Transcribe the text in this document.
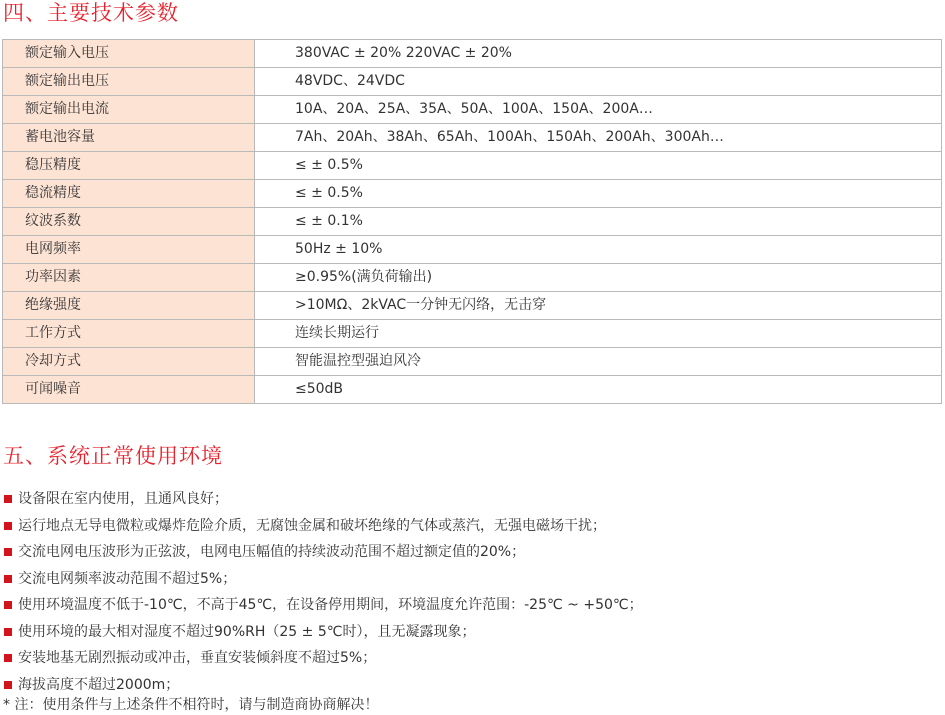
四、主要技术参数
额定输入电压	380VAC ± 20% 220VAC ± 20%
额定输出电压	48VDC、24VDC
额定输出电流	10A、20A、25A、35A、50A、100A、150A、200A…
蓄电池容量	7Ah、20Ah、38Ah、65Ah、100Ah、150Ah、200Ah、300Ah…
稳压精度	≤ ± 0.5%
稳流精度	≤ ± 0.5%
纹波系数	≤ ± 0.1%
电网频率	50Hz ± 10%
功率因素	≥0.95%(满负荷输出)
绝缘强度	>10MΩ、2kVAC一分钟无闪络，无击穿
工作方式	连续长期运行
冷却方式	智能温控型强迫风冷
可闻噪音	≤50dB
五、系统正常使用环境
设备限在室内使用，且通风良好；
运行地点无导电微粒或爆炸危险介质，无腐蚀金属和破坏绝缘的气体或蒸汽，无强电磁场干扰；
交流电网电压波形为正弦波，电网电压幅值的持续波动范围不超过额定值的20%；
交流电网频率波动范围不超过5%；
使用环境温度不低于-10℃，不高于45℃，在设备停用期间，环境温度允许范围：-25℃ ~ +50℃；
使用环境的最大相对湿度不超过90%RH（25 ± 5℃时），且无凝露现象；
安装地基无剧烈振动或冲击，垂直安装倾斜度不超过5%；
海拔高度不超过2000m；
* 注：使用条件与上述条件不相符时，请与制造商协商解决！
